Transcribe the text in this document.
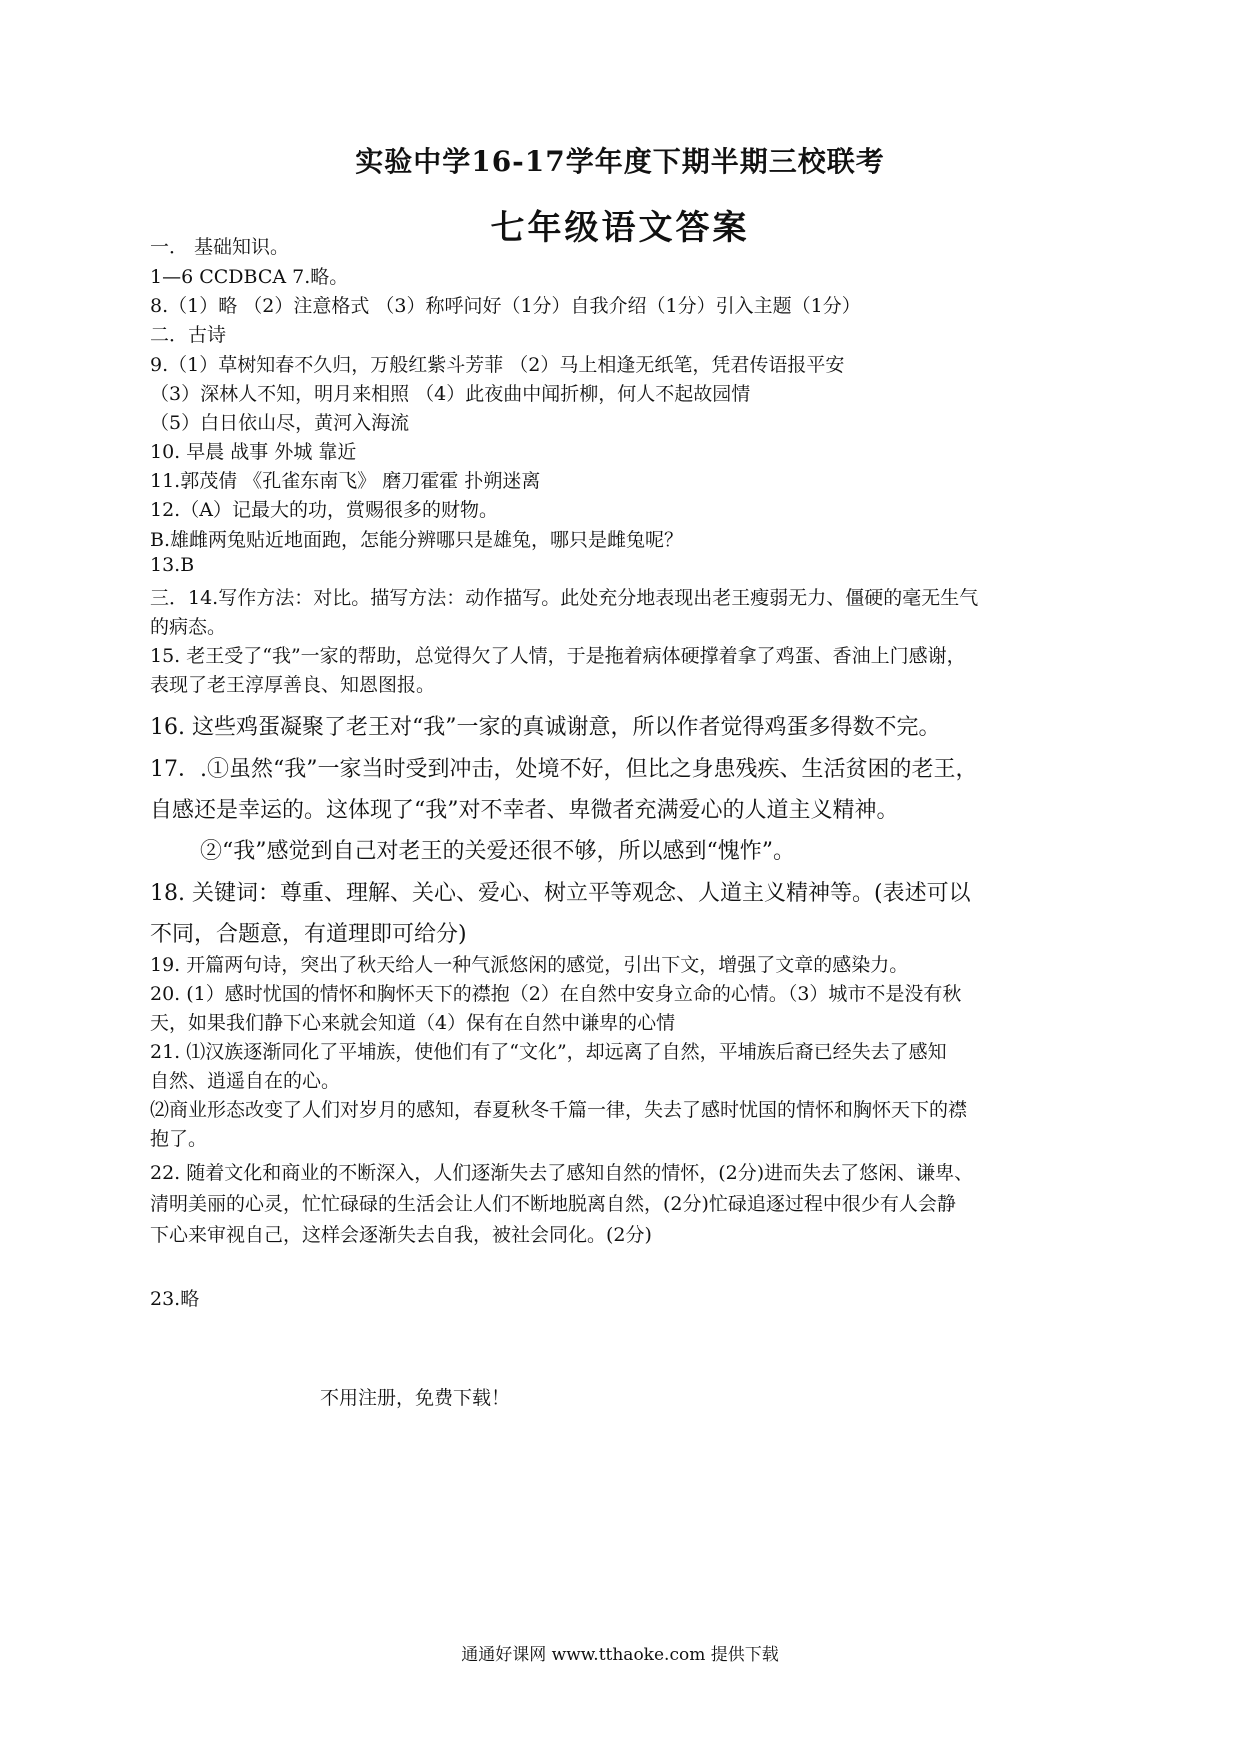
实验中学16-17学年度下期半期三校联考
七年级语文答案
一． 基础知识。
1—6 CCDBCA 7.略。
8.（1）略 （2）注意格式 （3）称呼问好（1分）自我介绍（1分）引入主题（1分）
二．古诗
9.（1）草树知春不久归，万般红紫斗芳菲 （2）马上相逢无纸笔，凭君传语报平安
（3）深林人不知，明月来相照 （4）此夜曲中闻折柳，何人不起故园情
（5）白日依山尽，黄河入海流
10. 早晨 战事 外城 靠近
11.郭茂倩 《孔雀东南飞》 磨刀霍霍 扑朔迷离
12.（A）记最大的功，赏赐很多的财物。
B.雄雌两兔贴近地面跑，怎能分辨哪只是雄兔，哪只是雌兔呢？
13.B
三．14.写作方法：对比。描写方法：动作描写。此处充分地表现出老王瘦弱无力、僵硬的毫无生气
的病态。
15. 老王受了“我”一家的帮助，总觉得欠了人情，于是拖着病体硬撑着拿了鸡蛋、香油上门感谢，
表现了老王淳厚善良、知恩图报。
16. 这些鸡蛋凝聚了老王对“我”一家的真诚谢意，所以作者觉得鸡蛋多得数不完。
17．.①虽然“我”一家当时受到冲击，处境不好，但比之身患残疾、生活贫困的老王，
自感还是幸运的。这体现了“我”对不幸者、卑微者充满爱心的人道主义精神。
②“我”感觉到自己对老王的关爱还很不够，所以感到“愧怍”。
18. 关键词：尊重、理解、关心、爱心、树立平等观念、人道主义精神等。(表述可以
不同，合题意，有道理即可给分)
19. 开篇两句诗，突出了秋天给人一种气派悠闲的感觉，引出下文，增强了文章的感染力。
20. (1）感时忧国的情怀和胸怀天下的襟抱（2）在自然中安身立命的心情。（3）城市不是没有秋
天，如果我们静下心来就会知道（4）保有在自然中谦卑的心情
21. ⑴汉族逐渐同化了平埔族，使他们有了“文化”，却远离了自然，平埔族后裔已经失去了感知
自然、逍遥自在的心。
⑵商业形态改变了人们对岁月的感知，春夏秋冬千篇一律，失去了感时忧国的情怀和胸怀天下的襟
抱了。
22. 随着文化和商业的不断深入，人们逐渐失去了感知自然的情怀，(2分)进而失去了悠闲、谦卑、
清明美丽的心灵，忙忙碌碌的生活会让人们不断地脱离自然，(2分)忙碌追逐过程中很少有人会静
下心来审视自己，这样会逐渐失去自我，被社会同化。(2分)
23.略
不用注册，免费下载！
通通好课网 www.tthaoke.com 提供下载
